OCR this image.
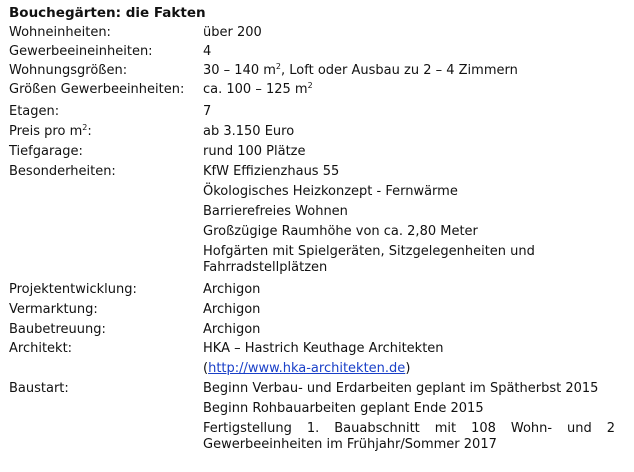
Bouchegärten: die Fakten
Wohneinheiten:	über 200
Gewerbeeineinheiten:	4
Wohnungsgrößen:	30 – 140 $m^2$, Loft oder Ausbau zu 2 – 4 Zimmern
Größen Gewerbeeinheiten: ca. 100 – 125 $m^2$
Etagen:	7
Preis pro $m^2$:	ab 3.150 Euro
Tiefgarage:	rund 100 Plätze
Besonderheiten:	KfW Effizienzhaus 55
Ökologisches Heizkonzept - Fernwärme
Barrierefreies Wohnen
Großzügige Raumhöhe von ca. 2,80 Meter
Hofgärten mit Spielgeräten, Sitzgelegenheiten und Fahrradstellplätzen
Projektentwicklung:	Archigon
Vermarktung:	Archigon
Baubetreuung:	Archigon
Architekt:	HKA – Hastrich Keuthage Architekten
(http://www.hka-architekten.de)
Baustart:	Beginn Verbau- und Erdarbeiten geplant im Spätherbst 2015
Beginn Rohbauarbeiten geplant Ende 2015
Fertigstellung 1. Bauabschnitt mit 108 Wohn- und 2 Gewerbeeinheiten im Frühjahr/Sommer 2017
